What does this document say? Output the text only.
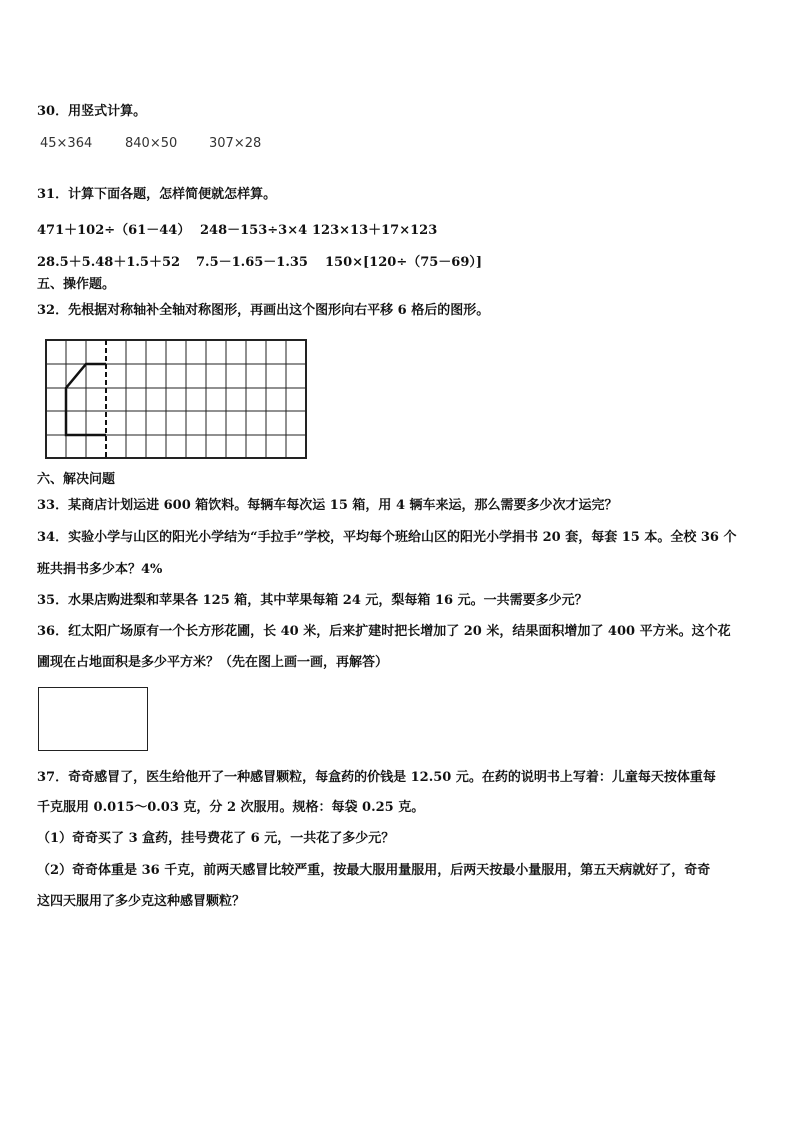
30．用竖式计算。
45×364	840×50 307×28
31．计算下面各题，怎样简便就怎样算。
471＋102÷（61－44） 248－153÷3×4 123×13＋17×123
28.5＋5.48＋1.5＋52 7.5－1.65－1.35 150×[120÷（75－69）]
五、操作题。
32．先根据对称轴补全轴对称图形，再画出这个图形向右平移 6 格后的图形。
六、解决问题
33．某商店计划运进 600 箱饮料。每辆车每次运 15 箱，用 4 辆车来运，那么需要多少次才运完？
34．实验小学与山区的阳光小学结为“手拉手”学校，平均每个班给山区的阳光小学捐书 20 套，每套 15 本。全校 36 个
班共捐书多少本？4%
35．水果店购进梨和苹果各 125 箱，其中苹果每箱 24 元，梨每箱 16 元。一共需要多少元？
36．红太阳广场原有一个长方形花圃，长 40 米，后来扩建时把长增加了 20 米，结果面积增加了 400 平方米。这个花
圃现在占地面积是多少平方米？（先在图上画一画，再解答）
37．奇奇感冒了，医生给他开了一种感冒颗粒，每盒药的价钱是 12.50 元。在药的说明书上写着：儿童每天按体重每
千克服用 0.015～0.03 克，分 2 次服用。规格：每袋 0.25 克。
（1）奇奇买了 3 盒药，挂号费花了 6 元，一共花了多少元？
（2）奇奇体重是 36 千克，前两天感冒比较严重，按最大服用量服用，后两天按最小量服用，第五天病就好了，奇奇
这四天服用了多少克这种感冒颗粒？
